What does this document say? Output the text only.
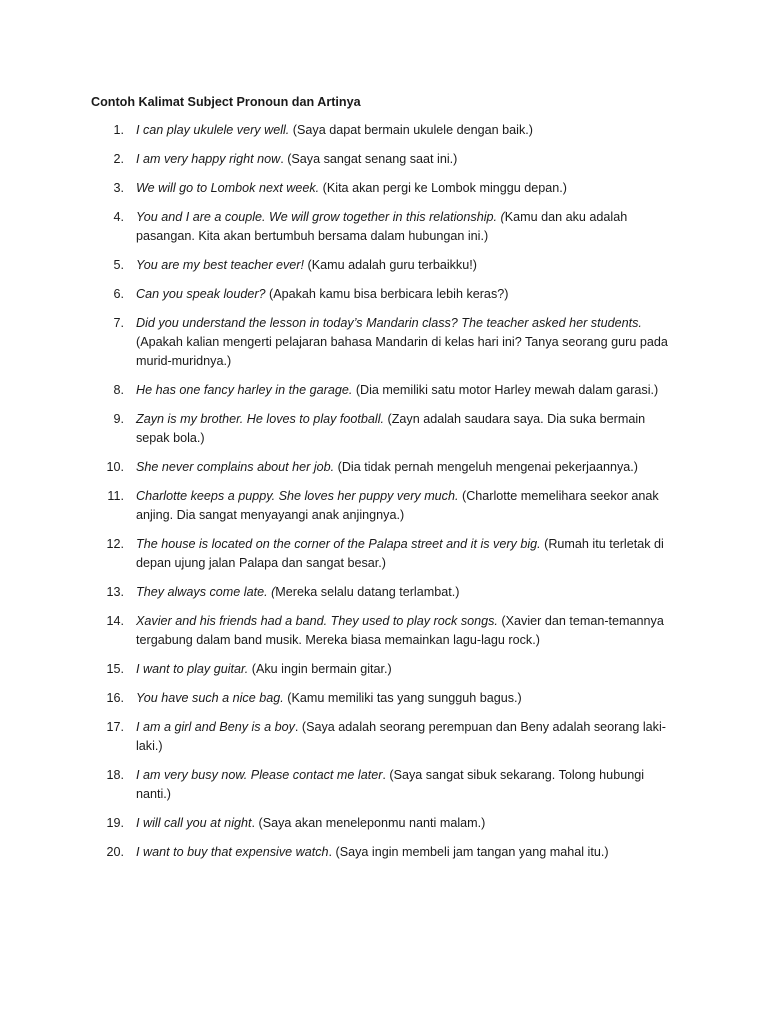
Contoh Kalimat Subject Pronoun dan Artinya
1. I can play ukulele very well. (Saya dapat bermain ukulele dengan baik.)
2. I am very happy right now. (Saya sangat senang saat ini.)
3. We will go to Lombok next week. (Kita akan pergi ke Lombok minggu depan.)
4. You and I are a couple. We will grow together in this relationship. (Kamu dan aku adalah pasangan. Kita akan bertumbuh bersama dalam hubungan ini.)
5. You are my best teacher ever! (Kamu adalah guru terbaikku!)
6. Can you speak louder? (Apakah kamu bisa berbicara lebih keras?)
7. Did you understand the lesson in today’s Mandarin class? The teacher asked her students. (Apakah kalian mengerti pelajaran bahasa Mandarin di kelas hari ini? Tanya seorang guru pada murid-muridnya.)
8. He has one fancy harley in the garage. (Dia memiliki satu motor Harley mewah dalam garasi.)
9. Zayn is my brother. He loves to play football. (Zayn adalah saudara saya. Dia suka bermain sepak bola.)
10. She never complains about her job. (Dia tidak pernah mengeluh mengenai pekerjaannya.)
11. Charlotte keeps a puppy. She loves her puppy very much. (Charlotte memelihara seekor anak anjing. Dia sangat menyayangi anak anjingnya.)
12. The house is located on the corner of the Palapa street and it is very big. (Rumah itu terletak di depan ujung jalan Palapa dan sangat besar.)
13. They always come late. (Mereka selalu datang terlambat.)
14. Xavier and his friends had a band. They used to play rock songs. (Xavier dan teman-temannya tergabung dalam band musik. Mereka biasa memainkan lagu-lagu rock.)
15. I want to play guitar. (Aku ingin bermain gitar.)
16. You have such a nice bag. (Kamu memiliki tas yang sungguh bagus.)
17. I am a girl and Beny is a boy. (Saya adalah seorang perempuan dan Beny adalah seorang laki-laki.)
18. I am very busy now. Please contact me later. (Saya sangat sibuk sekarang. Tolong hubungi nanti.)
19. I will call you at night. (Saya akan meneleponmu nanti malam.)
20. I want to buy that expensive watch. (Saya ingin membeli jam tangan yang mahal itu.)
